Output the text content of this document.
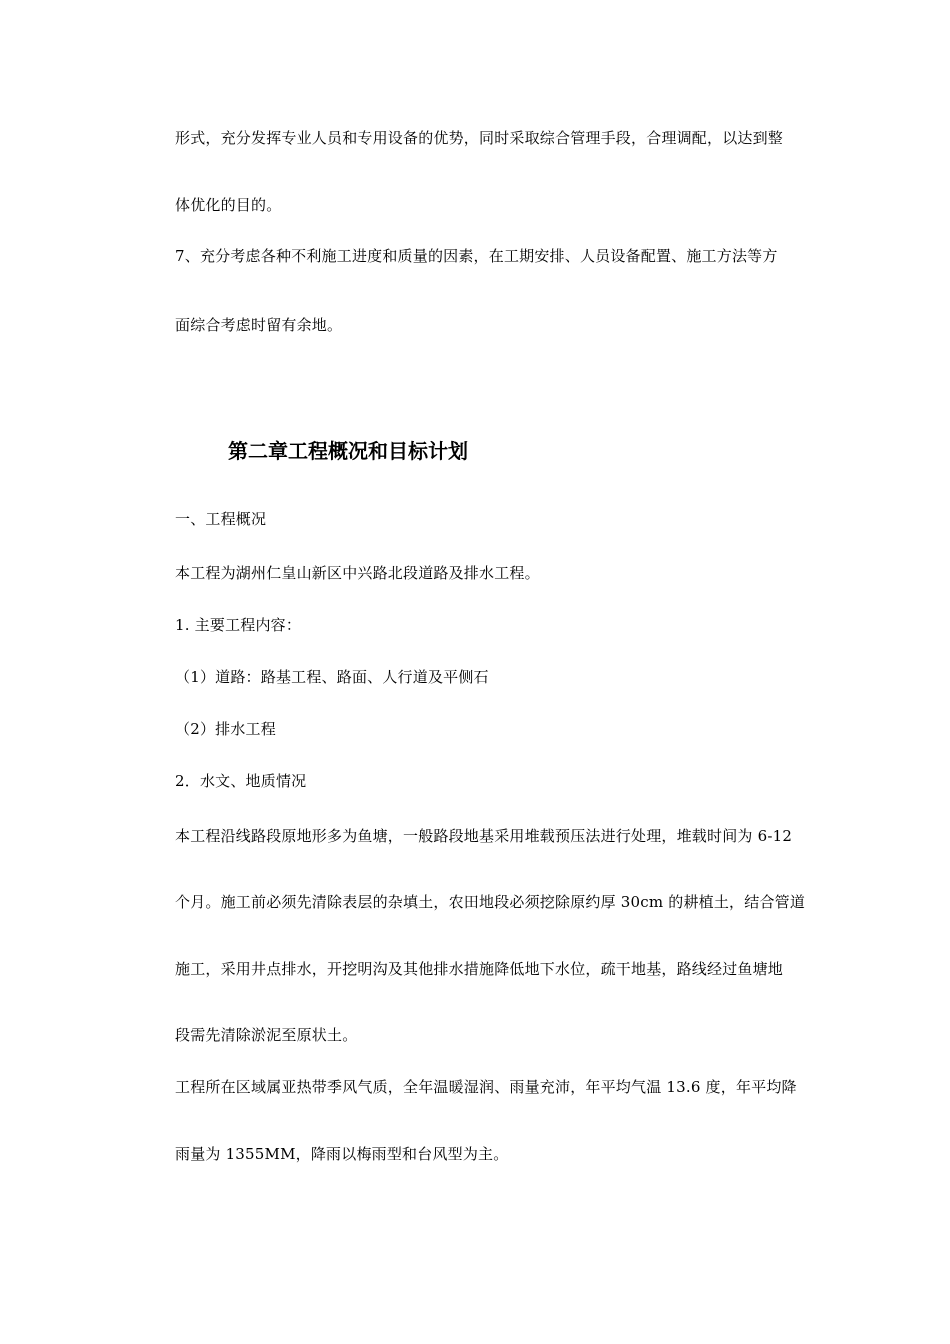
形式，充分发挥专业人员和专用设备的优势，同时采取综合管理手段，合理调配，以达到整
体优化的目的。
7、充分考虑各种不利施工进度和质量的因素，在工期安排、人员设备配置、施工方法等方
面综合考虑时留有余地。
第二章工程概况和目标计划
一、工程概况
本工程为湖州仁皇山新区中兴路北段道路及排水工程。
1. 主要工程内容：
（1）道路：路基工程、路面、人行道及平侧石
（2）排水工程
2．水文、地质情况
本工程沿线路段原地形多为鱼塘，一般路段地基采用堆载预压法进行处理，堆载时间为 6-12
个月。施工前必须先清除表层的杂填土，农田地段必须挖除原约厚 30cm 的耕植土，结合管道
施工，采用井点排水，开挖明沟及其他排水措施降低地下水位，疏干地基，路线经过鱼塘地
段需先清除淤泥至原状土。
工程所在区域属亚热带季风气质，全年温暖湿润、雨量充沛，年平均气温 13.6 度，年平均降
雨量为 1355MM，降雨以梅雨型和台风型为主。
